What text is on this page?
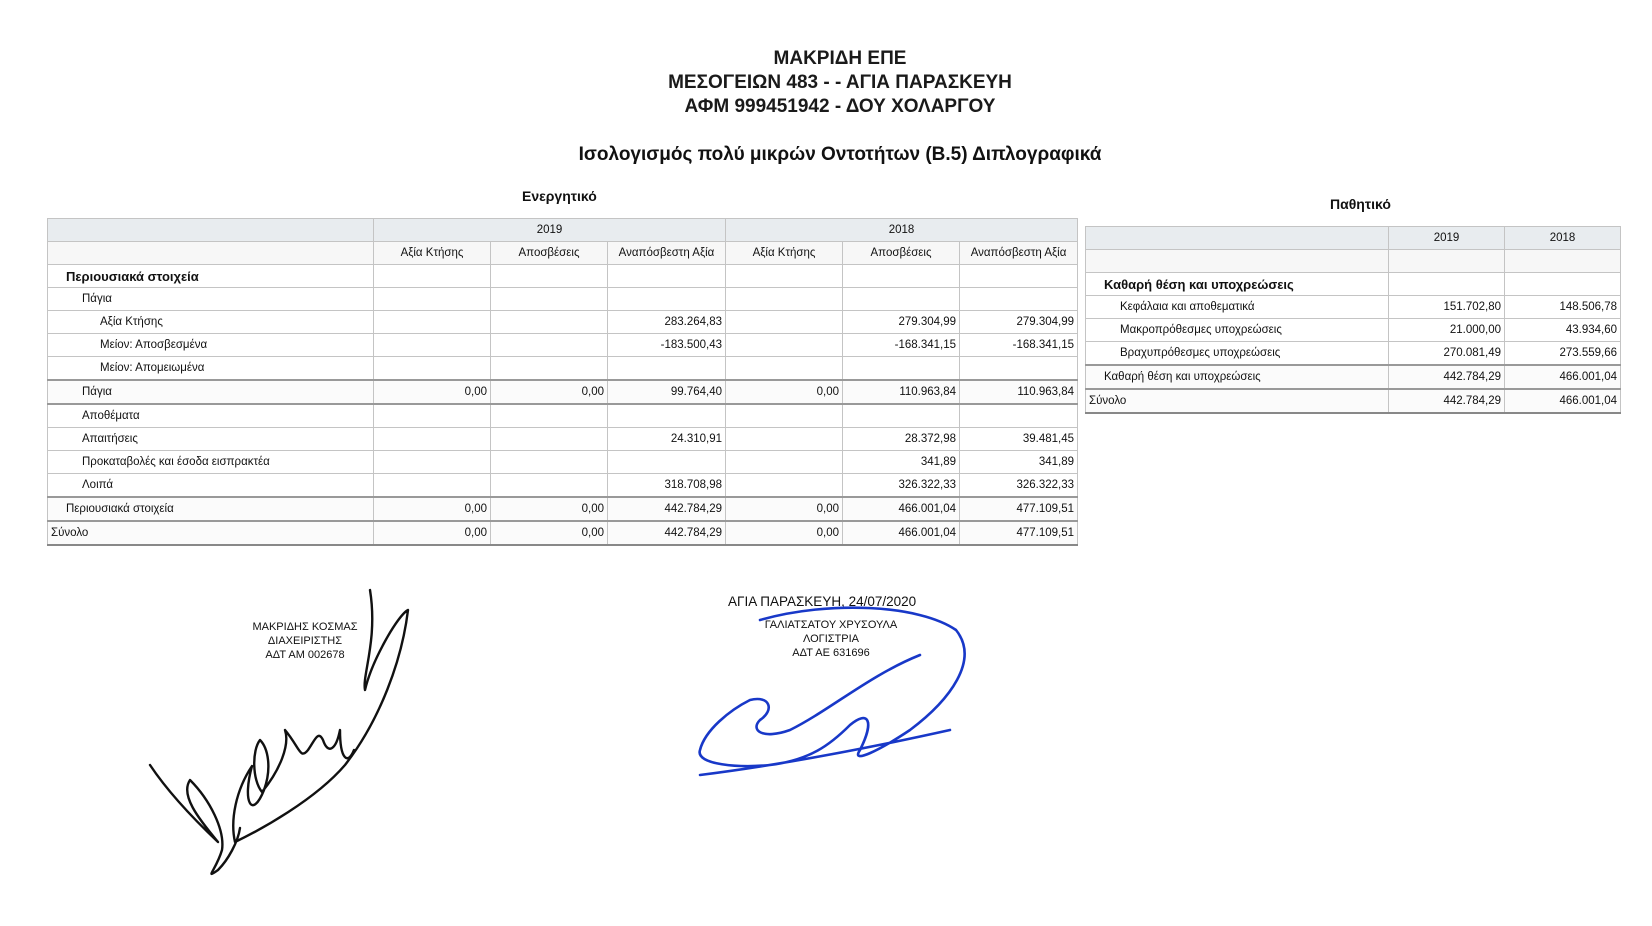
ΜΑΚΡΙΔΗ ΕΠΕ
ΜΕΣΟΓΕΙΩΝ 483 - - ΑΓΙΑ ΠΑΡΑΣΚΕΥΗ
ΑΦΜ 999451942 - ΔΟΥ ΧΟΛΑΡΓΟΥ
Ισολογισμός πολύ μικρών Οντοτήτων (Β.5) Διπλογραφικά
Ενεργητικό	Παθητικό
	2019			2018		
	Αξία Κτήσης	Αποσβέσεις	Αναπόσβεστη Αξία	Αξία Κτήσης	Αποσβέσεις	Αναπόσβεστη Αξία
Περιουσιακά στοιχεία						
Πάγια						
Αξία Κτήσης			283.264,83		279.304,99	279.304,99
Μείον: Αποσβεσμένα			-183.500,43		-168.341,15	-168.341,15
Μείον: Απομειωμένα						
Πάγια	0,00	0,00	99.764,40	0,00	110.963,84	110.963,84
Αποθέματα						
Απαιτήσεις			24.310,91		28.372,98	39.481,45
Προκαταβολές και έσοδα εισπρακτέα					341,89	341,89
Λοιπά			318.708,98		326.322,33	326.322,33
Περιουσιακά στοιχεία	0,00	0,00	442.784,29	0,00	466.001,04	477.109,51
Σύνολο	0,00	0,00	442.784,29	0,00	466.001,04	477.109,51
	2019	2018

Καθαρή θέση και υποχρεώσεις		
Κεφάλαια και αποθεματικά	151.702,80	148.506,78
Μακροπρόθεσμες υποχρεώσεις	21.000,00	43.934,60
Βραχυπρόθεσμες υποχρεώσεις	270.081,49	273.559,66
Καθαρή θέση και υποχρεώσεις	442.784,29	466.001,04
Σύνολο	442.784,29	466.001,04
ΜΑΚΡΙΔΗΣ ΚΟΣΜΑΣ
ΔΙΑΧΕΙΡΙΣΤΗΣ
ΑΔΤ ΑΜ 002678
ΑΓΙΑ ΠΑΡΑΣΚΕΥΗ, 24/07/2020
ΓΑΛΙΑΤΣΑΤΟΥ ΧΡΥΣΟΥΛΑ
ΛΟΓΙΣΤΡΙΑ
ΑΔΤ ΑΕ 631696
